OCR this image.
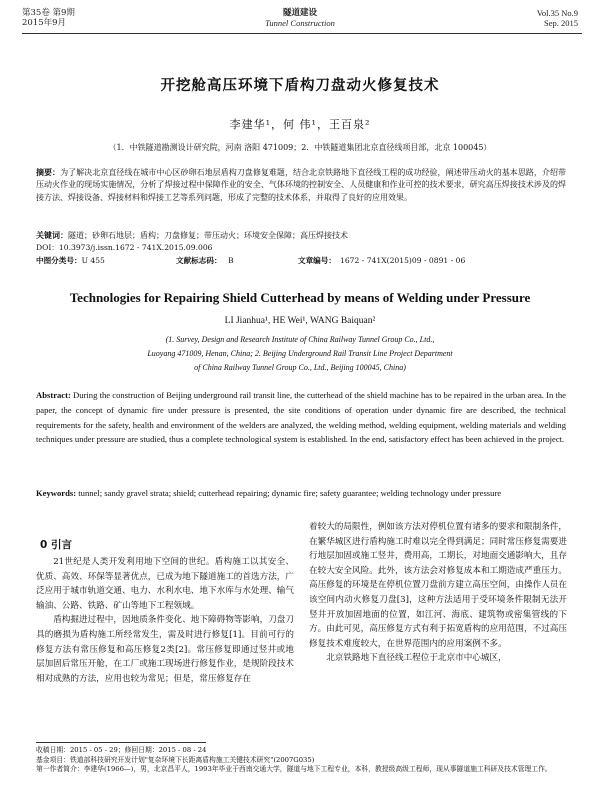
第35卷 第9期
2015年9月
隧道建设
Tunnel Construction
Vol.35 No.9
Sep. 2015
开挖舱高压环境下盾构刀盘动火修复技术
李建华¹，何 伟¹，王百泉²
（1．中铁隧道勘测设计研究院，河南 洛阳 471009；2．中铁隧道集团北京直径线项目部，北京 100045）
摘要：为了解决北京直径线在城市中心区砂卵石地层盾构刀盘修复难题，结合北京铁路地下直径线工程的成功经验，阐述带压动火的基本思路，介绍带压动火作业的现场实施情况，分析了焊接过程中保障作业的安全、气体环境的控制安全、人员健康和作业可控的技术要求，研究高压焊接技术涉及的焊接方法、焊接设备、焊接材料和焊接工艺等系列问题，形成了完整的技术体系，并取得了良好的应用效果。
关键词：隧道；砂卵石地层；盾构；刀盘修复；带压动火；环境安全保障；高压焊接技术
DOI：10.3973/j.issn.1672 - 741X.2015.09.006
中图分类号：U 455	文献标志码： B	文章编号： 1672 - 741X(2015)09 - 0891 - 06
Technologies for Repairing Shield Cutterhead by means of Welding under Pressure
LI Jianhua¹, HE Wei¹, WANG Baiquan²
(1. Survey, Design and Research Institute of China Railway Tunnel Group Co., Ltd.,
Luoyang 471009, Henan, China; 2. Beijing Underground Rail Transit Line Project Department
of China Railway Tunnel Group Co., Ltd., Beijing 100045, China)
Abstract: During the construction of Beijing underground rail transit line, the cutterhead of the shield machine has to be repaired in the urban area. In the paper, the concept of dynamic fire under pressure is presented, the site conditions of operation under dynamic fire are described, the technical requirements for the safety, health and environment of the welders are analyzed, the welding method, welding equipment, welding materials and welding techniques under pressure are studied, thus a complete technological system is established. In the end, satisfactory effect has been achieved in the project.
Keywords: tunnel; sandy gravel strata; shield; cutterhead repairing; dynamic fire; safety guarantee; welding technology under pressure
0 引言
21世纪是人类开发利用地下空间的世纪。盾构施工以其安全、优质、高效、环保等显著优点，已成为地下隧道施工的首选方法，广泛应用于城市轨道交通、电力、水利水电、地下水库与水处理、输气输油、公路、铁路、矿山等地下工程领域。
盾构掘进过程中，因地质条件变化、地下障碍物等影响，刀盘刀具的磨损为盾构施工所经常发生，需及时进行修复[1]。目前可行的修复方法有常压修复和高压修复2类[2]。常压修复即通过竖井或地层加固后常压开舱，在工厂或施工现场进行修复作业，是规阶段技术相对成熟的方法，应用也较为常见；但是，常压修复存在
着较大的局限性，例如该方法对停机位置有诸多的要求和限制条件，在繁华城区进行盾构施工时难以完全得到满足；同时常压修复需要进行地层加固或施工竖井，费用高，工期长，对地面交通影响大，且存在较大安全风险。此外，该方法会对修复成本和工期造成严重压力。高压修复的环境是在停机位置刀盘前方建立高压空间，由操作人员在该空间内动火修复刀盘[3]，这种方法适用于受环境条件限制无法开竖井开放加固地面的位置，如江河、海底、建筑物或密集管线的下方。由此可见，高压修复方式有利于拓宽盾构的应用范围，不过高压修复技术难度较大，在世界范围内的应用案例不多。
北京铁路地下直径线工程位于北京市中心城区，
收稿日期：2015 - 05 - 29；修回日期：2015 - 08 - 24
基金项目：铁道部科技研究开发计划"复杂环境下长距离盾构施工关键技术研究"(2007G035)
第一作者简介：李建华(1966—)，男，北京昌平人，1993年毕业于西南交通大学，隧道与地下工程专业，本科，教授级高级工程师，现从事隧道施工科研及技术管理工作。
